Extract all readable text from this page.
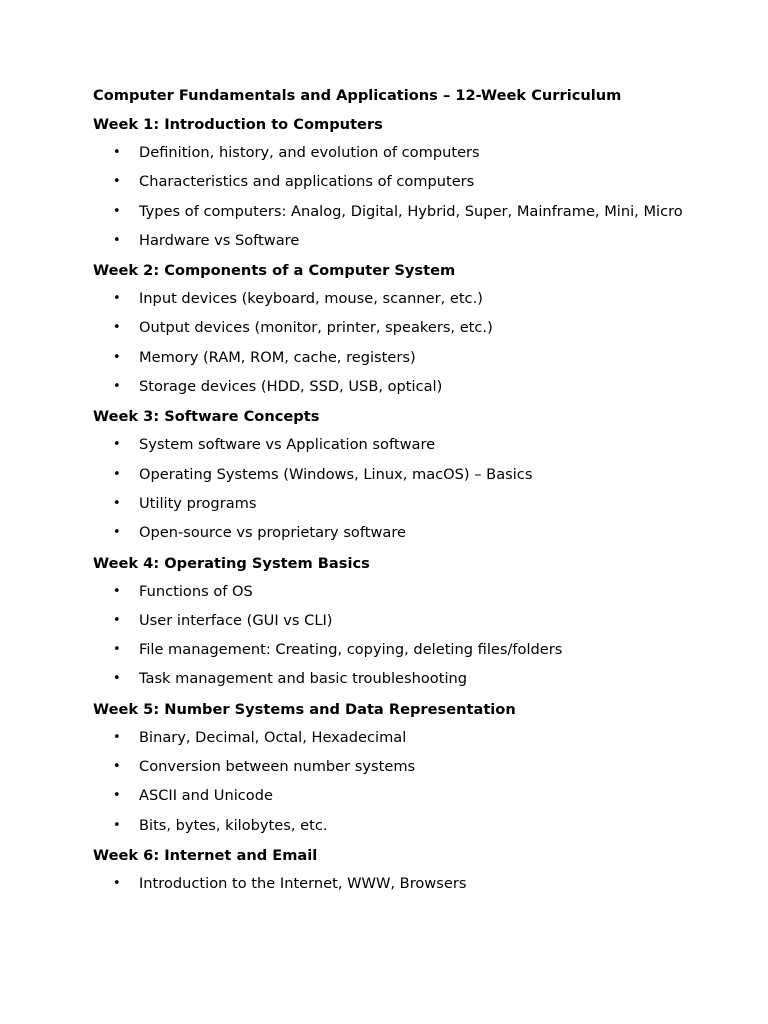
Computer Fundamentals and Applications – 12-Week Curriculum
Week 1: Introduction to Computers
• Definition, history, and evolution of computers
• Characteristics and applications of computers
• Types of computers: Analog, Digital, Hybrid, Super, Mainframe, Mini, Micro
• Hardware vs Software
Week 2: Components of a Computer System
• Input devices (keyboard, mouse, scanner, etc.)
• Output devices (monitor, printer, speakers, etc.)
• Memory (RAM, ROM, cache, registers)
• Storage devices (HDD, SSD, USB, optical)
Week 3: Software Concepts
• System software vs Application software
• Operating Systems (Windows, Linux, macOS) – Basics
• Utility programs
• Open-source vs proprietary software
Week 4: Operating System Basics
• Functions of OS
• User interface (GUI vs CLI)
• File management: Creating, copying, deleting files/folders
• Task management and basic troubleshooting
Week 5: Number Systems and Data Representation
• Binary, Decimal, Octal, Hexadecimal
• Conversion between number systems
• ASCII and Unicode
• Bits, bytes, kilobytes, etc.
Week 6: Internet and Email
• Introduction to the Internet, WWW, Browsers
